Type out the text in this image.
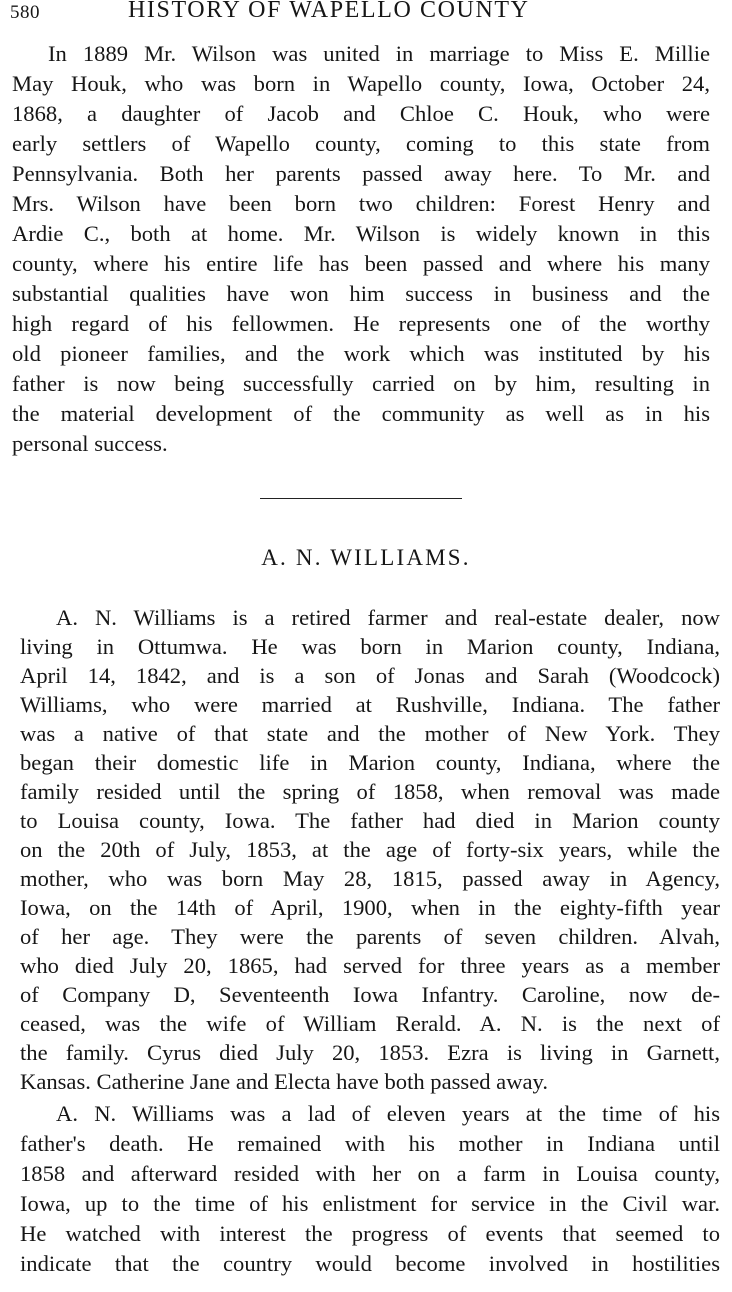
580	HISTORY OF WAPELLO COUNTY
In 1889 Mr. Wilson was united in marriage to Miss E. Millie
May Houk, who was born in Wapello county, Iowa, October 24,
1868, a daughter of Jacob and Chloe C. Houk, who were
early settlers of Wapello county, coming to this state from
Pennsylvania. Both her parents passed away here. To Mr. and
Mrs. Wilson have been born two children: Forest Henry and
Ardie C., both at home. Mr. Wilson is widely known in this
county, where his entire life has been passed and where his many
substantial qualities have won him success in business and the
high regard of his fellowmen. He represents one of the worthy
old pioneer families, and the work which was instituted by his
father is now being successfully carried on by him, resulting in
the material development of the community as well as in his
personal success.
A. N. WILLIAMS.
A. N. Williams is a retired farmer and real-estate dealer, now
living in Ottumwa. He was born in Marion county, Indiana,
April 14, 1842, and is a son of Jonas and Sarah (Woodcock)
Williams, who were married at Rushville, Indiana. The father
was a native of that state and the mother of New York. They
began their domestic life in Marion county, Indiana, where the
family resided until the spring of 1858, when removal was made
to Louisa county, Iowa. The father had died in Marion county
on the 20th of July, 1853, at the age of forty-six years, while the
mother, who was born May 28, 1815, passed away in Agency,
Iowa, on the 14th of April, 1900, when in the eighty-fifth year
of her age. They were the parents of seven children. Alvah,
who died July 20, 1865, had served for three years as a member
of Company D, Seventeenth Iowa Infantry. Caroline, now de-
ceased, was the wife of William Rerald. A. N. is the next of
the family. Cyrus died July 20, 1853. Ezra is living in Garnett,
Kansas. Catherine Jane and Electa have both passed away.
A. N. Williams was a lad of eleven years at the time of his
father's death. He remained with his mother in Indiana until
1858 and afterward resided with her on a farm in Louisa county,
Iowa, up to the time of his enlistment for service in the Civil war.
He watched with interest the progress of events that seemed to
indicate that the country would become involved in hostilities
